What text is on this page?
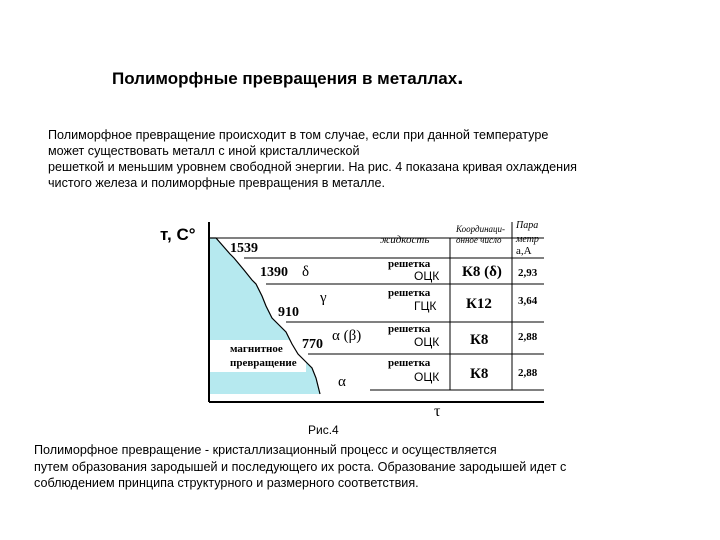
Полиморфные превращения в металлах.
Полиморфное превращение происходит в том случае, если при данной температуре
может существовать металл с иной кристаллической
решеткой и меньшим уровнем свободной энергии. На рис. 4 показана кривая охлаждения
чистого железа и полиморфные превращения в металле.
т, С°
τ
1539
1390
910
770
δ
γ
α (β)
α
магнитное
превращение
жидкость
Координаци-
онное число
Пара
метр
а,А
решетка
ОЦК К8 (δ) 2,93
решетка
ГЦК К12 3,64
решетка
ОЦК К8	2,88
решетка
ОЦК К8	2,88
Рис.4
Полиморфное превращение - кристаллизационный процесс и осуществляется
путем образования зародышей и последующего их роста. Образование зародышей идет с
соблюдением принципа структурного и размерного соответствия.
